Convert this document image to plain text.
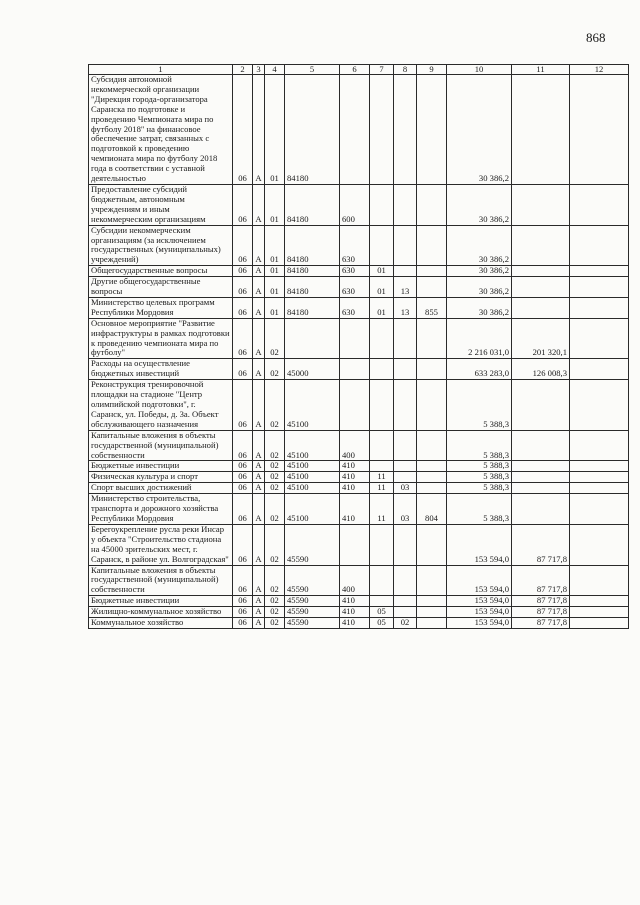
868
1	2	3	4	5	6	7	8	9	10	11	12

Субсидия автономной некоммерческой организации "Дирекция города-организатора Саранска по подготовке и проведению Чемпионата мира по футболу 2018" на финансовое обеспечение затрат, связанных с подготовкой к проведению чемпионата мира по футболу 2018 года в соответствии с уставной деятельностью	06	А	01	84180					30 386,2		

Предоставление субсидий бюджетным, автономным учреждениям и иным некоммерческим организациям	06	А	01	84180	600				30 386,2		

Субсидии некоммерческим организациям (за исключением государственных (муниципальных) учреждений)	06	А	01	84180	630				30 386,2		

Общегосударственные вопросы	06	А	01	84180	630	01			30 386,2		

Другие общегосударственные вопросы	06	А	01	84180	630	01	13		30 386,2		

Министерство целевых программ Республики Мордовия	06	А	01	84180	630	01	13	855	30 386,2		

Основное мероприятие "Развитие инфраструктуры в рамках подготовки к проведению чемпионата мира по футболу"	06	А	02						2 216 031,0	201 320,1	

Расходы на осуществление бюджетных инвестиций	06	А	02	45000					633 283,0	126 008,3	

Реконструкция тренировочной площадки на стадионе "Центр олимпийской подготовки", г. Саранск, ул. Победы, д. 3а. Объект обслуживающего назначения	06	А	02	45100					5 388,3		

Капитальные вложения в объекты государственной (муниципальной) собственности	06	А	02	45100	400				5 388,3		

Бюджетные инвестиции	06	А	02	45100	410				5 388,3		

Физическая культура и спорт	06	А	02	45100	410	11			5 388,3		

Спорт высших достижений	06	А	02	45100	410	11	03		5 388,3		

Министерство строительства, транспорта и дорожного хозяйства Республики Мордовия	06	А	02	45100	410	11	03	804	5 388,3		

Берегоукрепление русла реки Инсар у объекта "Строительство стадиона на 45000 зрительских мест, г. Саранск, в районе ул. Волгоградская"	06	А	02	45590					153 594,0	87 717,8	

Капитальные вложения в объекты государственной (муниципальной) собственности	06	А	02	45590	400				153 594,0	87 717,8	

Бюджетные инвестиции	06	А	02	45590	410				153 594,0	87 717,8	

Жилищно-коммунальное хозяйство	06	А	02	45590	410	05			153 594,0	87 717,8	

Коммунальное хозяйство	06	А	02	45590	410	05	02		153 594,0	87 717,8	
